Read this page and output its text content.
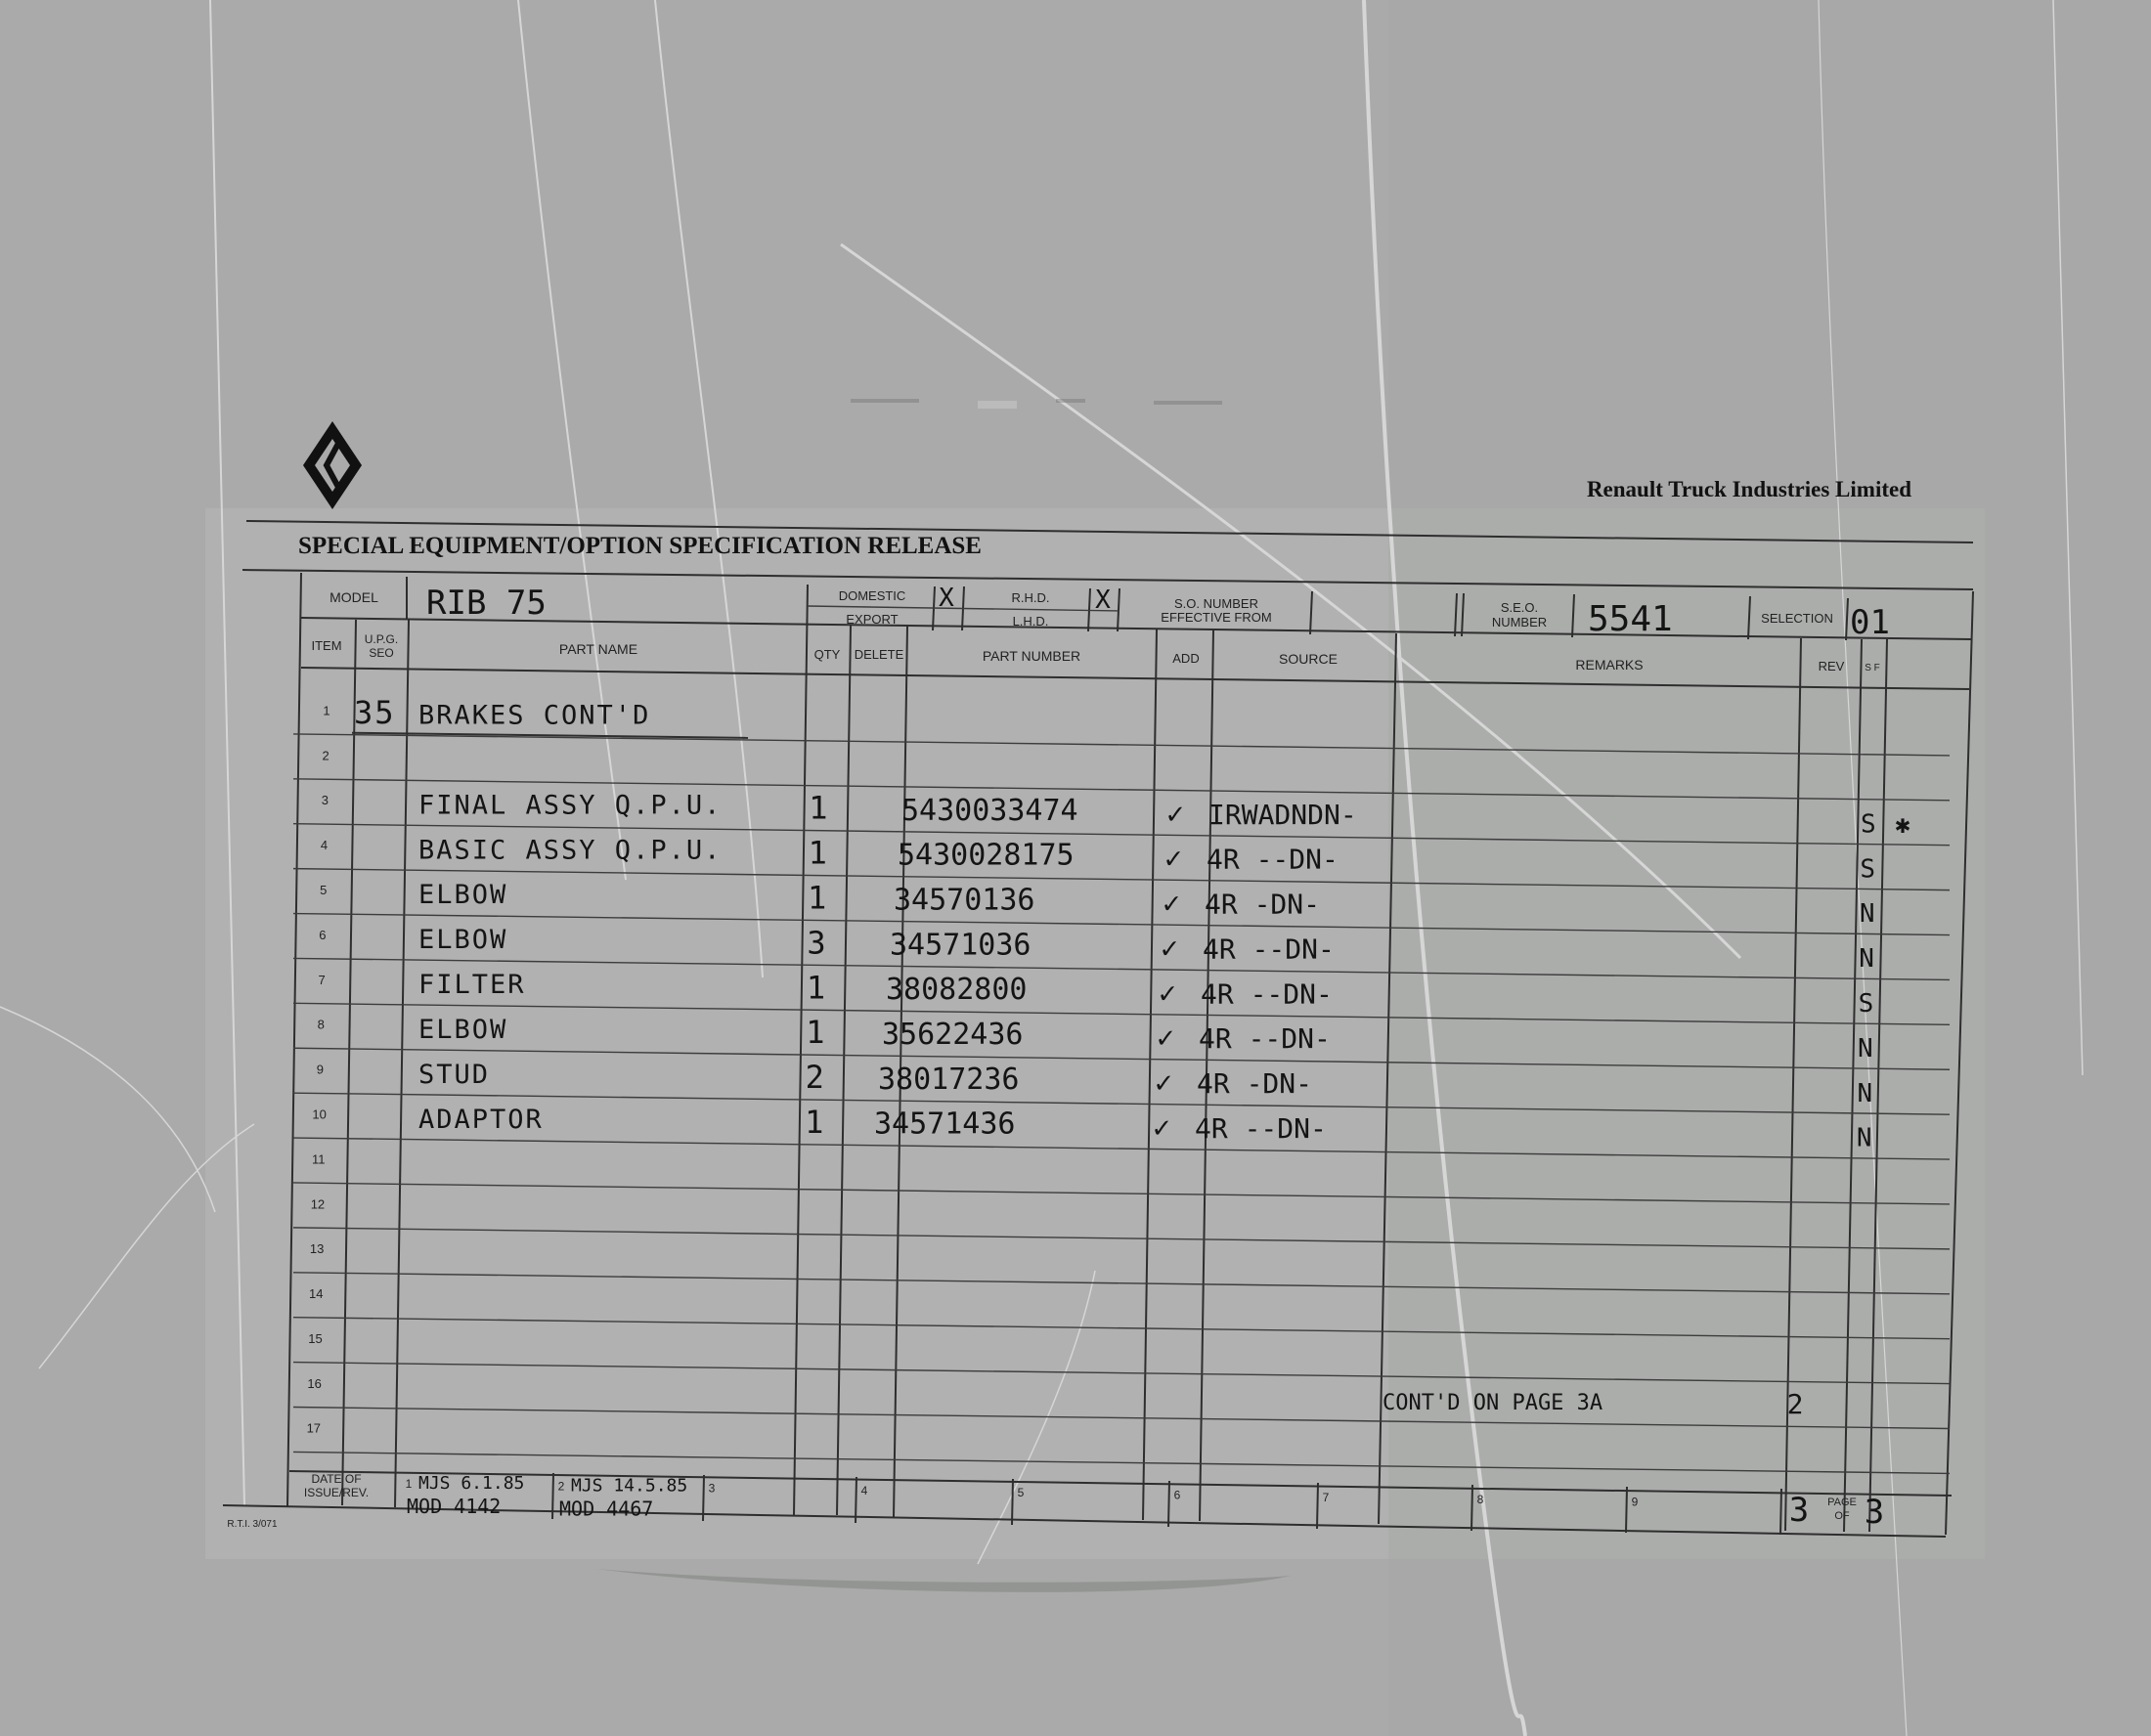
Renault Truck Industries Limited
SPECIAL EQUIPMENT/OPTION SPECIFICATION RELEASE
MODEL RIB 75	DOMESTIC
EXPORT
X	R.H.D.
L.H.D.
X	S.O. NUMBER
EFFECTIVE FROM
S.E.O.
NUMBER 5541	SELECTION 01
ITEM U.P.G.
SEO	PART NAME	QTY DELETE	PART NUMBER	ADD	SOURCE	REMARKS	REV S F
1 35 BRAKES CONT'D
2
3	FINAL ASSY Q.P.U.	1	5430033474	✓ IRWADNDN-	S ✱
4	BASIC ASSY Q.P.U.	1 5430028175	✓ 4R --DN-	S
5	ELBOW	1 34570136	✓ 4R -DN-	N
6	ELBOW	3 34571036	✓ 4R --DN-	N
7	FILTER	1 38082800	✓ 4R --DN-	S
8	ELBOW	1 35622436	✓ 4R --DN-	N
9	STUD	2 38017236	✓ 4R -DN-	N
10	ADAPTOR	1 34571436	✓ 4R --DN-	N
11
12
13
14
15
16
CONT'D ON PAGE 3A
17
2
DATE OF
ISSUE/REV.
1 MJS 6.1.85
MOD 4142
2 MJS 14.5.85
MOD 4467
3	4	5	6	7	8	9	3 PAGE
OF 3
R.T.I. 3/071
